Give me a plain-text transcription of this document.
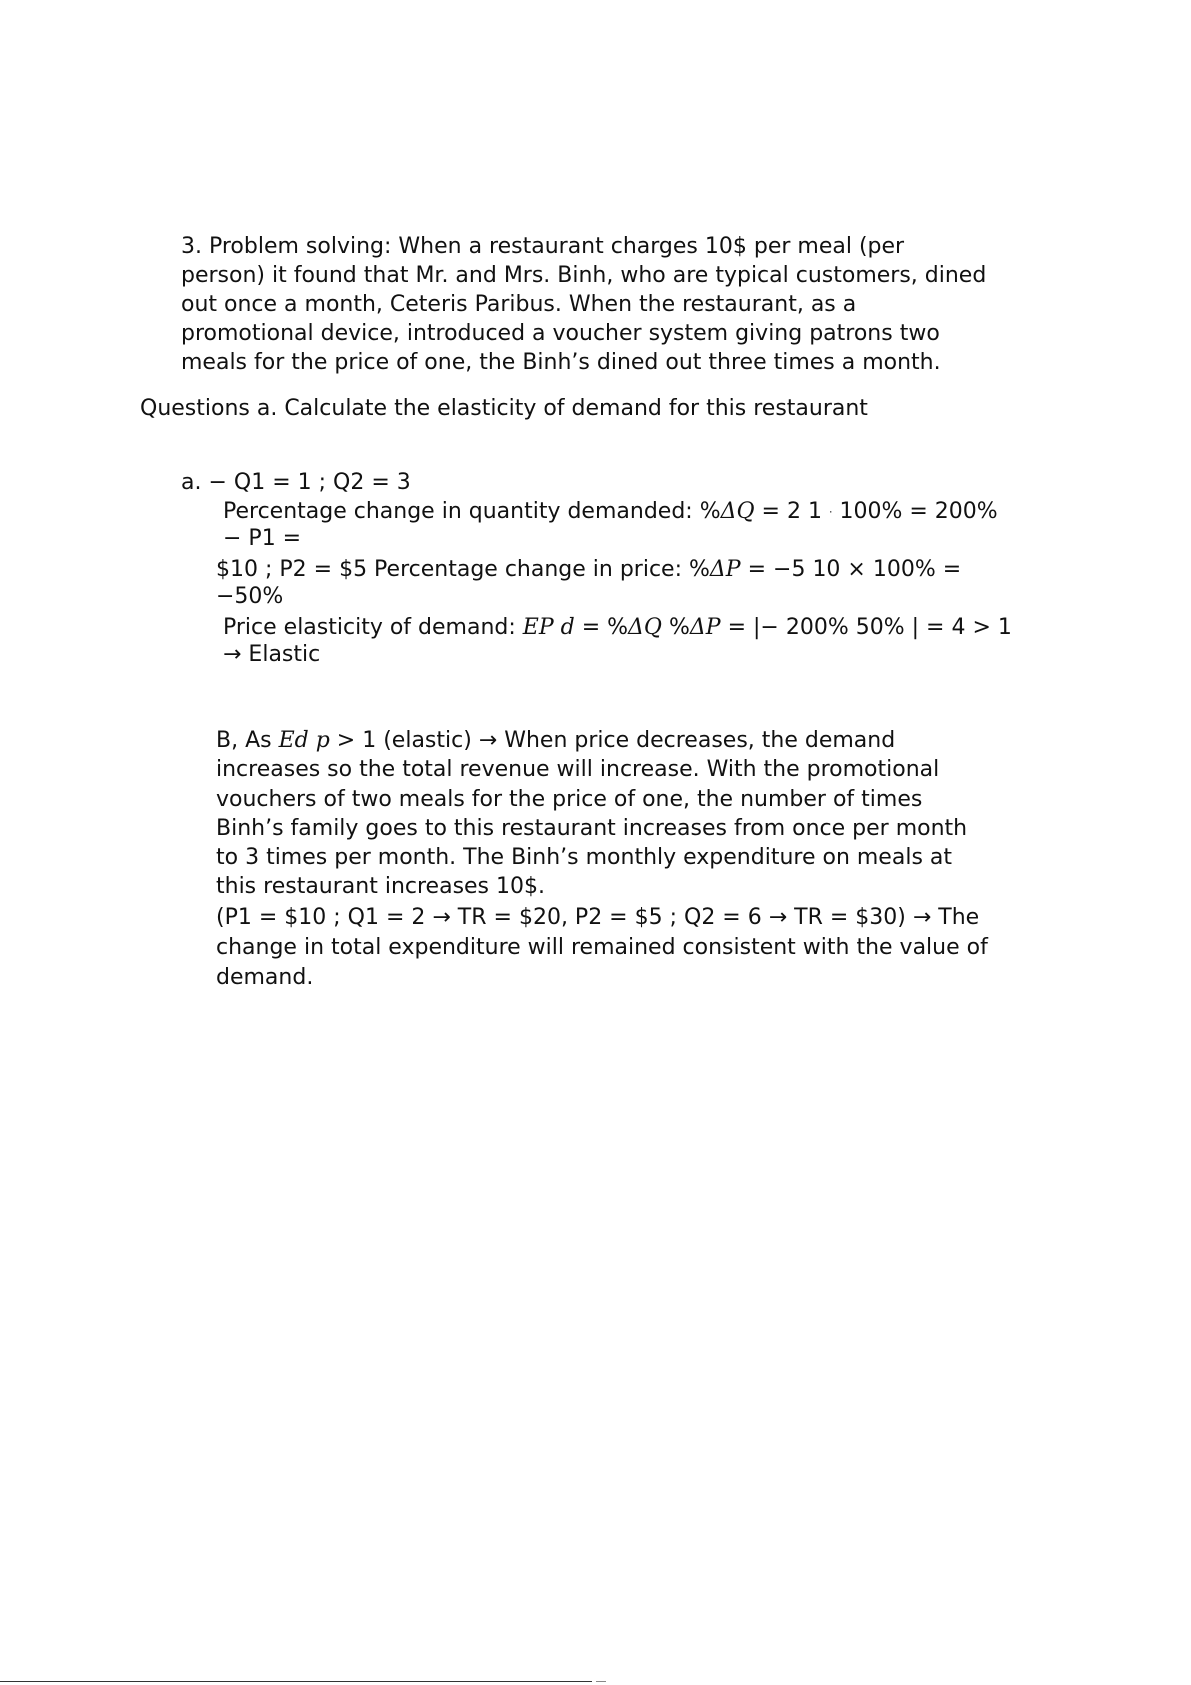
3. Problem solving: When a restaurant charges 10$ per meal (per
person) it found that Mr. and Mrs. Binh, who are typical customers, dined
out once a month, Ceteris Paribus. When the restaurant, as a
promotional device, introduced a voucher system giving patrons two
meals for the price of one, the Binh’s dined out three times a month.
Questions a. Calculate the elasticity of demand for this restaurant
a. − Q1 = 1 ; Q2 = 3
Percentage change in quantity demanded: %ΔQ = 2 1 · 100% = 200%
− P1 =
$10 ; P2 = $5 Percentage change in price: %ΔP = −5 10 × 100% =
−50%
Price elasticity of demand: EP d = %ΔQ %ΔP = |− 200% 50% | = 4 > 1
→ Elastic
B, As Ed p > 1 (elastic) → When price decreases, the demand
increases so the total revenue will increase. With the promotional
vouchers of two meals for the price of one, the number of times
Binh’s family goes to this restaurant increases from once per month
to 3 times per month. The Binh’s monthly expenditure on meals at
this restaurant increases 10$.
(P1 = $10 ; Q1 = 2 → TR = $20, P2 = $5 ; Q2 = 6 → TR = $30) → The
change in total expenditure will remained consistent with the value of
demand.
